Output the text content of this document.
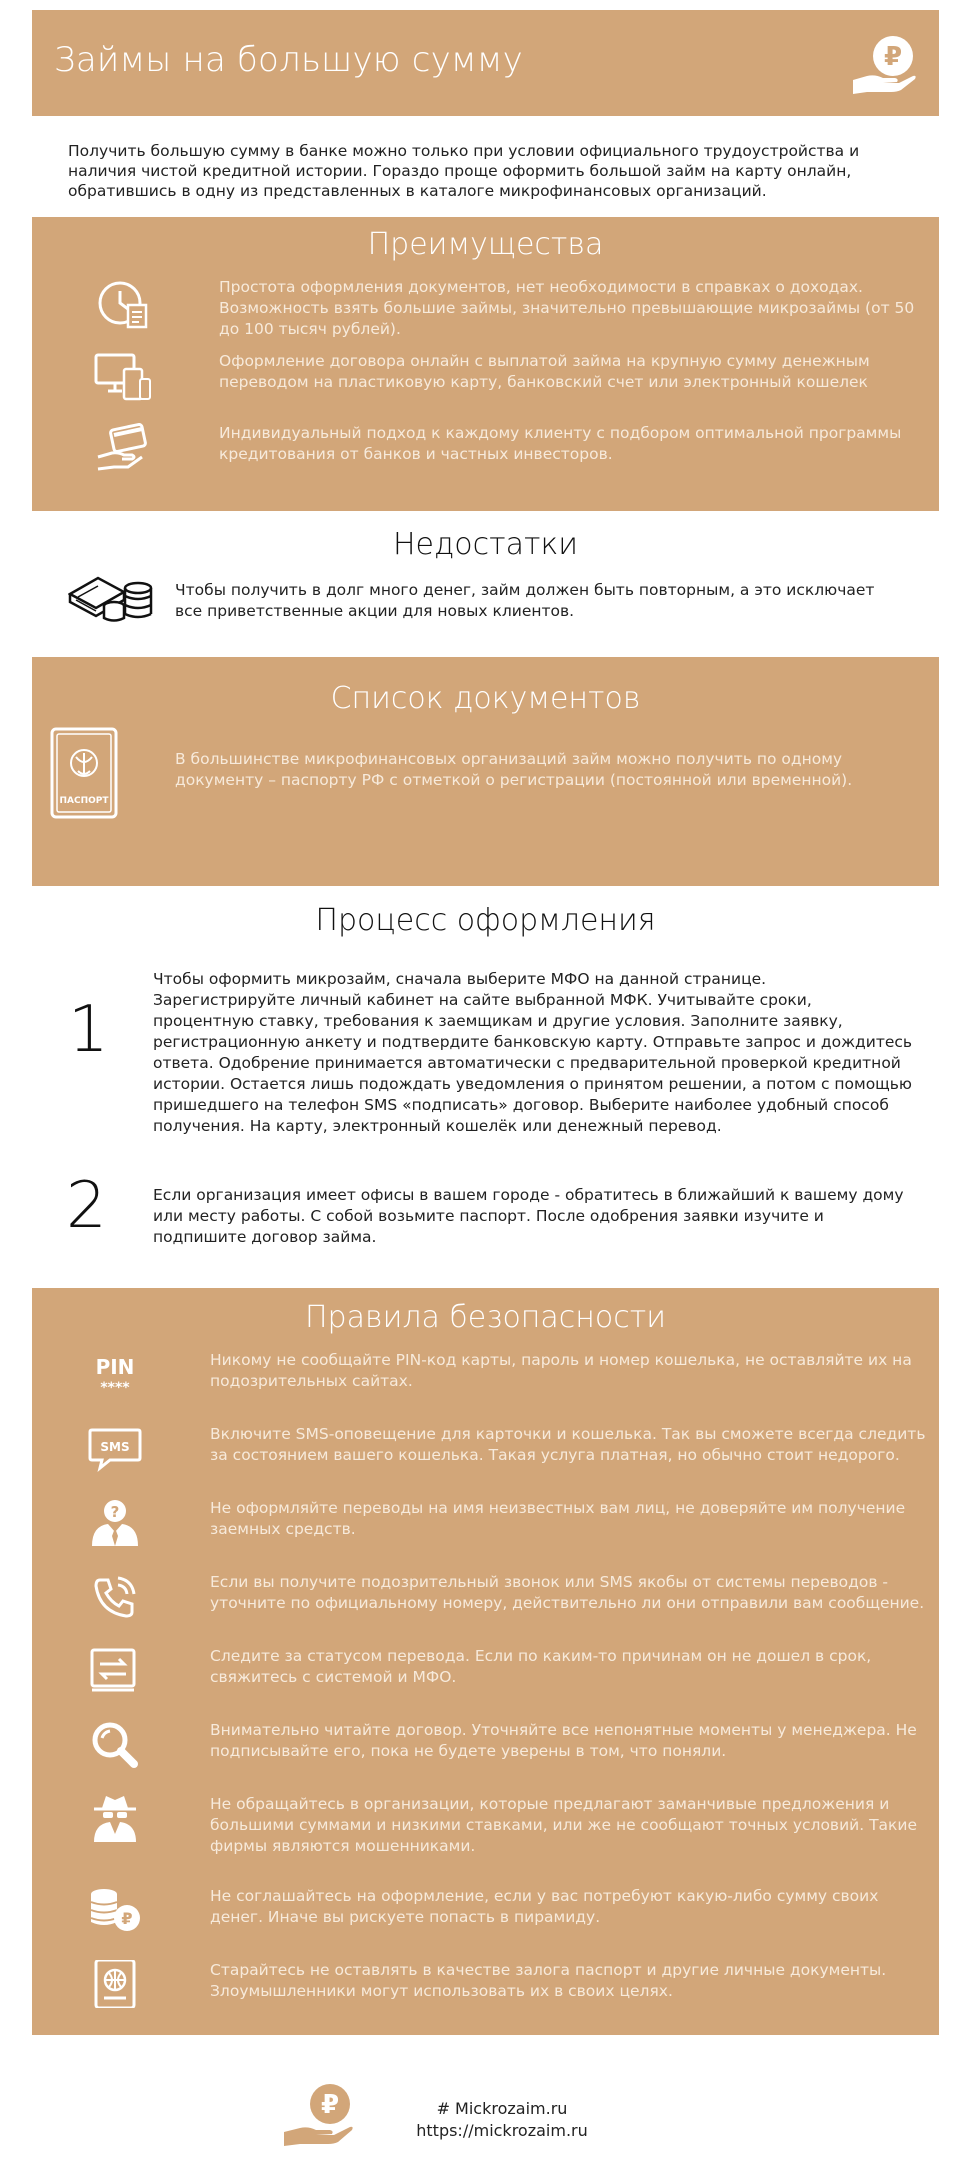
Займы на большую сумму	₽
Получить большую сумму в банке можно только при условии официального трудоустройства и наличия чистой кредитной истории. Гораздо проще оформить большой займ на карту онлайн, обратившись в одну из представленных в каталоге микрофинансовых организаций.
Преимущества
Простота оформления документов, нет необходимости в справках о доходах. Возможность взять большие займы, значительно превышающие микрозаймы (от 50 до 100 тысяч рублей).
Оформление договора онлайн с выплатой займа на крупную сумму денежным переводом на пластиковую карту, банковский счет или электронный кошелек
Индивидуальный подход к каждому клиенту с подбором оптимальной программы кредитования от банков и частных инвесторов.
Недостатки
Чтобы получить в долг много денег, займ должен быть повторным, а это исключает все приветственные акции для новых клиентов.
Список документов
ПАСПОРТ
В большинстве микрофинансовых организаций займ можно получить по одному документу – паспорту РФ с отметкой о регистрации (постоянной или временной).
Процесс оформления
1
Чтобы оформить микрозайм, сначала выберите МФО на данной странице. Зарегистрируйте личный кабинет на сайте выбранной МФК. Учитывайте сроки, процентную ставку, требования к заемщикам и другие условия. Заполните заявку, регистрационную анкету и подтвердите банковскую карту. Отправьте запрос и дождитесь ответа. Одобрение принимается автоматически с предварительной проверкой кредитной истории. Остается лишь подождать уведомления о принятом решении, а потом с помощью пришедшего на телефон SMS «подписать» договор. Выберите наиболее удобный способ получения. На карту, электронный кошелёк или денежный перевод.
2	Если организация имеет офисы в вашем городе - обратитесь в ближайший к вашему дому или месту работы. С собой возьмите паспорт. После одобрения заявки изучите и подпишите договор займа.
Правила безопасности
PIN
****
Никому не сообщайте PIN-код карты, пароль и номер кошелька, не оставляйте их на подозрительных сайтах.
SMS
Включите SMS-оповещение для карточки и кошелька. Так вы сможете всегда следить за состоянием вашего кошелька. Такая услуга платная, но обычно стоит недорого.
?	Не оформляйте переводы на имя неизвестных вам лиц, не доверяйте им получение заемных средств.
Если вы получите подозрительный звонок или SMS якобы от системы переводов - уточните по официальному номеру, действительно ли они отправили вам сообщение.
Следите за статусом перевода. Если по каким-то причинам он не дошел в срок, свяжитесь с системой и МФО.
Внимательно читайте договор. Уточняйте все непонятные моменты у менеджера. Не подписывайте его, пока не будете уверены в том, что поняли.
Не обращайтесь в организации, которые предлагают заманчивые предложения и большими суммами и низкими ставками, или же не сообщают точных условий. Такие фирмы являются мошенниками.
₽
Не соглашайтесь на оформление, если у вас потребуют какую-либо сумму своих денег. Иначе вы рискуете попасть в пирамиду.
Старайтесь не оставлять в качестве залога паспорт и другие личные документы. Злоумышленники могут использовать их в своих целях.
₽	# Mickrozaim.ru
https://mickrozaim.ru
